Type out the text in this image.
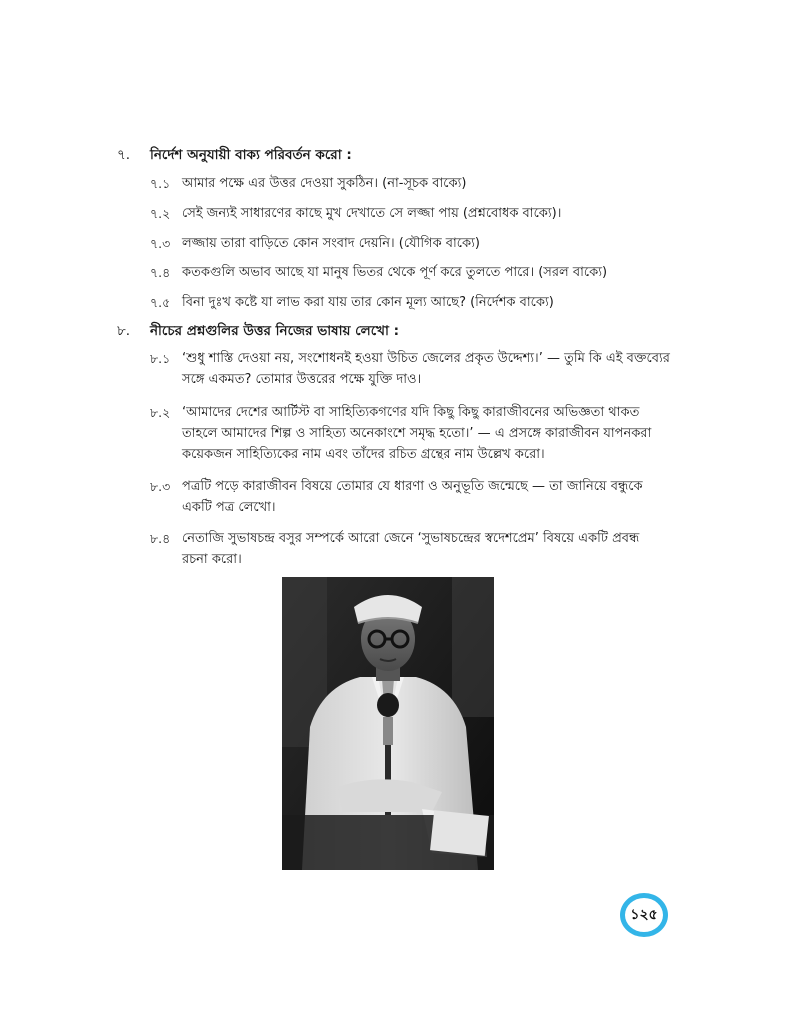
৭. নির্দেশ অনুযায়ী বাক্য পরিবর্তন করো :
৭.১ আমার পক্ষে এর উত্তর দেওয়া সুকঠিন। (না-সূচক বাক্যে)
৭.২ সেই জন্যই সাধারণের কাছে মুখ দেখাতে সে লজ্জা পায় (প্রশ্নবোধক বাক্যে)।
৭.৩ লজ্জায় তারা বাড়িতে কোন সংবাদ দেয়নি। (যৌগিক বাক্যে)
৭.৪ কতকগুলি অভাব আছে যা মানুষ ভিতর থেকে পূর্ণ করে তুলতে পারে। (সরল বাক্যে)
৭.৫ বিনা দুঃখ কষ্টে যা লাভ করা যায় তার কোন মূল্য আছে? (নির্দেশক বাক্যে)
৮. নীচের প্রশ্নগুলির উত্তর নিজের ভাষায় লেখো :
৮.১ ‘শুধু শাস্তি দেওয়া নয়, সংশোধনই হওয়া উচিত জেলের প্রকৃত উদ্দেশ্য।’ — তুমি কি এই বক্তব্যের
সঙ্গে একমত? তোমার উত্তরের পক্ষে যুক্তি দাও।
৮.২ ‘আমাদের দেশের আর্টিস্ট বা সাহিত্যিকগণের যদি কিছু কিছু কারাজীবনের অভিজ্ঞতা থাকত
তাহলে আমাদের শিল্প ও সাহিত্য অনেকাংশে সমৃদ্ধ হতো।’ — এ প্রসঙ্গে কারাজীবন যাপনকরা
কয়েকজন সাহিত্যিকের নাম এবং তাঁদের রচিত গ্রন্থের নাম উল্লেখ করো।
৮.৩ পত্রটি পড়ে কারাজীবন বিষয়ে তোমার যে ধারণা ও অনুভূতি জন্মেছে — তা জানিয়ে বন্ধুকে
একটি পত্র লেখো।
৮.৪ নেতাজি সুভাষচন্দ্র বসুর সম্পর্কে আরো জেনে ‘সুভাষচন্দ্রের স্বদেশপ্রেম’ বিষয়ে একটি প্রবন্ধ
রচনা করো।
১২৫
